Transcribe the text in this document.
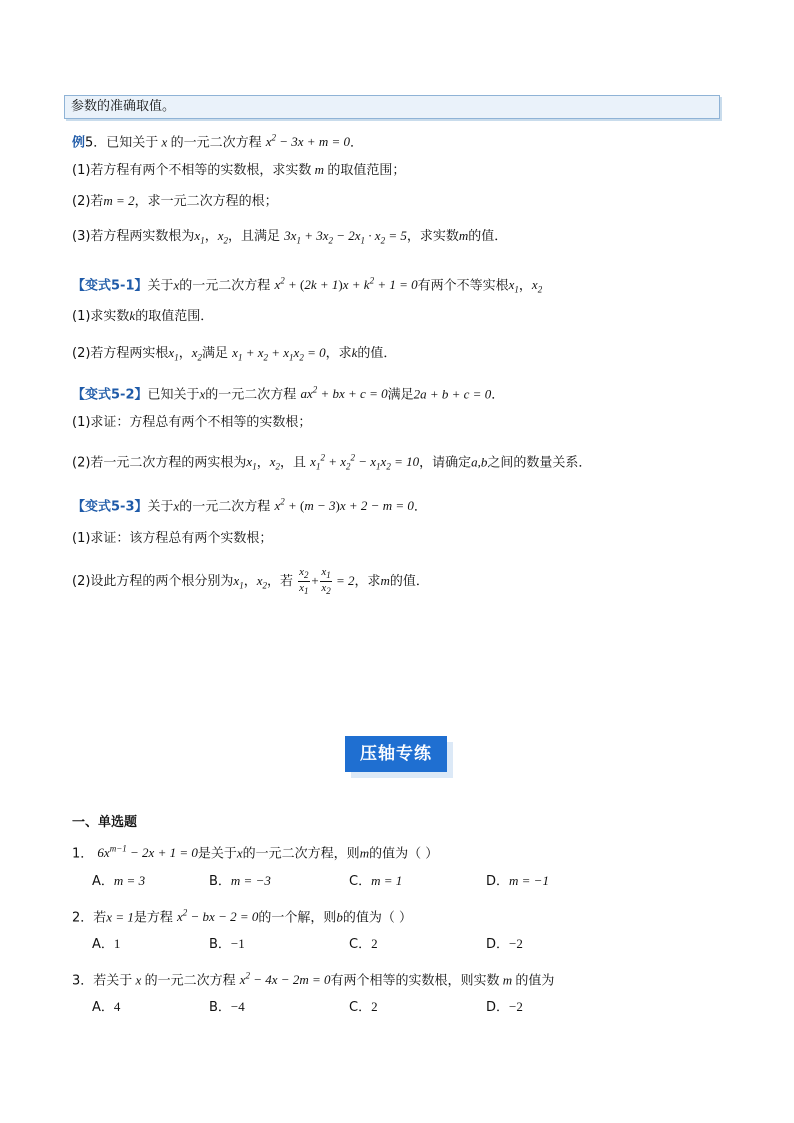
参数的准确取值。
例5．已知关于 x 的一元二次方程 $x^2 - 3x + m = 0$．
(1)若方程有两个不相等的实数根，求实数 m 的取值范围；
(2)若m = 2，求一元二次方程的根；
(3)若方程两实数根为$x_1$，$x_2$，且满足 $3x_1 + 3x_2 - 2x_1 \cdot x_2 = 5$，求实数m的值．
【变式5-1】关于x的一元二次方程 $x^2 + (2k + 1)x + k^2 + 1 = 0$有两个不等实根$x_1$，$x_2$
(1)求实数k的取值范围．
(2)若方程两实根$x_1$，$x_2$满足 $x_1 + x_2 + x_1x_2 = 0$，求k的值．
【变式5-2】已知关于x的一元二次方程 $ax^2$ + bx + c = 0满足2a + b + c = 0．
(1)求证：方程总有两个不相等的实数根；
(2)若一元二次方程的两实根为$x_1$，$x_2$，且 $x_1^2 + x_2^2 - x_1x_2 = 10$，请确定a,b之间的数量关系．
【变式5-3】关于x的一元二次方程 $x^2 + (m - 3)x + 2 - m = 0$．
(1)求证：该方程总有两个实数根；
(2)设此方程的两个根分别为$x_1$，$x_2$，若 $\frac{x_2}{x_1} + \frac{x_1}{x_2} = 2$，求m的值．
压轴专练
一、单选题
1． $6x^{m-1} - 2x + 1 = 0$是关于x的一元二次方程，则m的值为（ ）
A．m = 3	B．m = −3	C．m = 1	D．m = −1
2．若x = 1是方程 $x^2$ − bx − 2 = 0的一个解，则b的值为（ ）
A．1	B．−1	C．2	D．−2
3．若关于 x 的一元二次方程 $x^2 - 4x - 2m = 0$有两个相等的实数根，则实数 m 的值为
A．4	B．−4	C．2	D．−2
